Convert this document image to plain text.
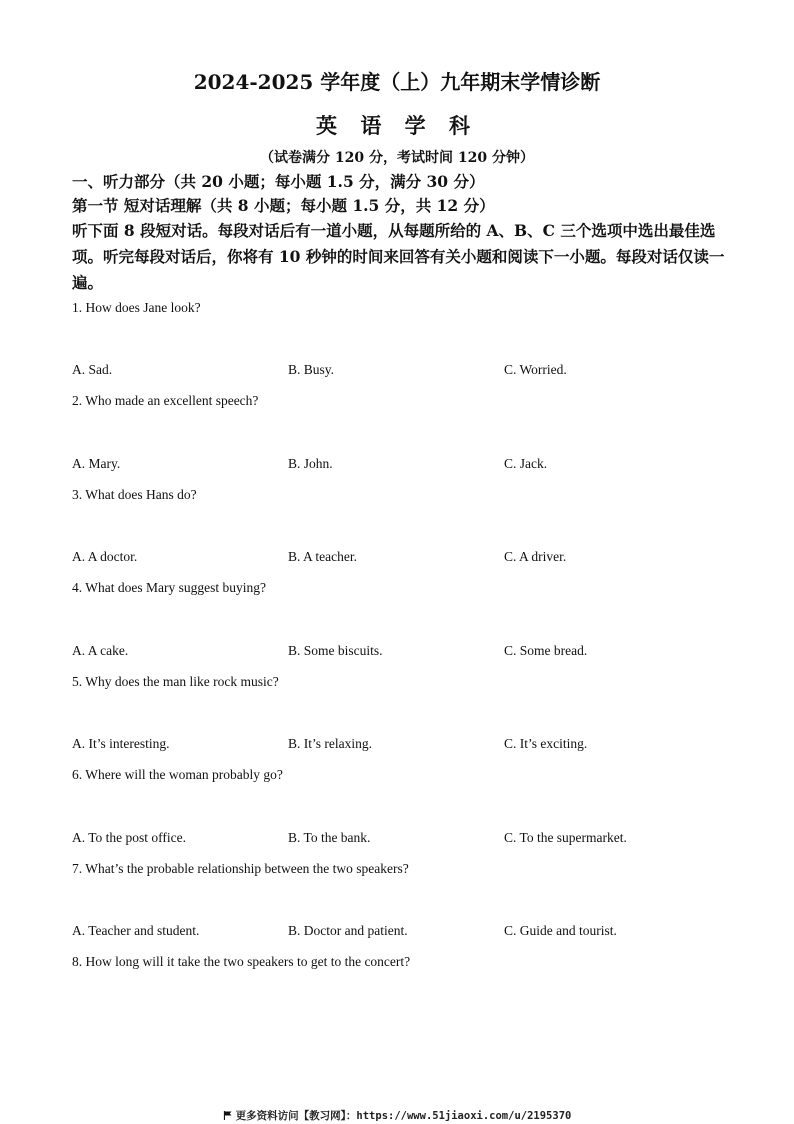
2024-2025 学年度（上）九年期末学情诊断
英 语 学 科
（试卷满分 120 分，考试时间 120 分钟）
一、听力部分（共 20 小题；每小题 1.5 分，满分 30 分）
第一节 短对话理解（共 8 小题；每小题 1.5 分，共 12 分）
听下面 8 段短对话。每段对话后有一道小题，从每题所给的 A、B、C 三个选项中选出最佳选项。听完每段对话后，你将有 10 秒钟的时间来回答有关小题和阅读下一小题。每段对话仅读一遍。
1. How does Jane look?
A. Sad.	B. Busy.	C. Worried.
2. Who made an excellent speech?
A. Mary.	B. John.	C. Jack.
3. What does Hans do?
A. A doctor.	B. A teacher.	C. A driver.
4. What does Mary suggest buying?
A. A cake.	B. Some biscuits.	C. Some bread.
5. Why does the man like rock music?
A. It’s interesting.	B. It’s relaxing.	C. It’s exciting.
6. Where will the woman probably go?
A. To the post office.	B. To the bank.	C. To the supermarket.
7. What’s the probable relationship between the two speakers?
A. Teacher and student.	B. Doctor and patient.	C. Guide and tourist.
8. How long will it take the two speakers to get to the concert?
更多资料访问【教习网】：https://www.51jiaoxi.com/u/2195370
